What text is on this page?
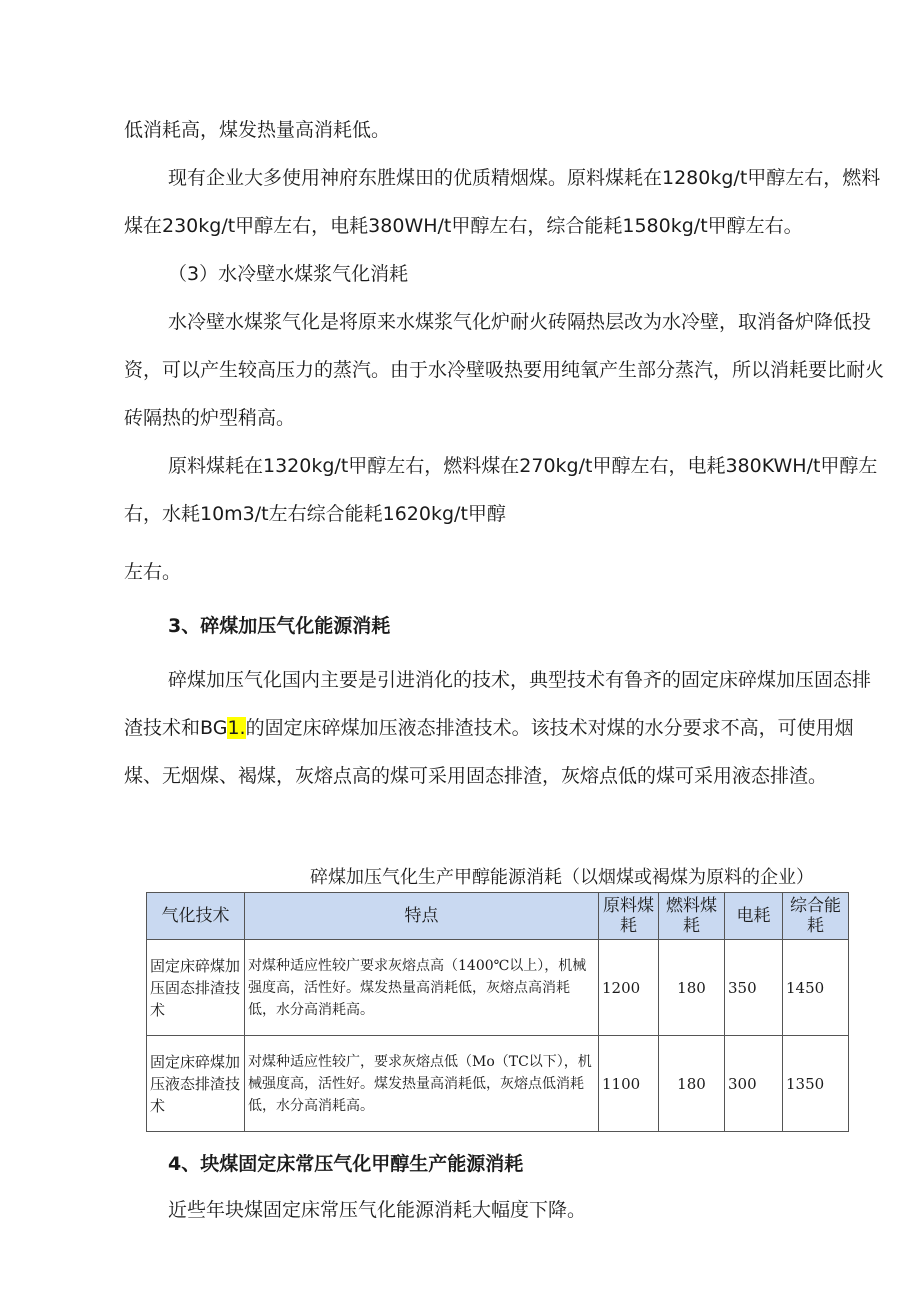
低消耗高，煤发热量高消耗低。

现有企业大多使用神府东胜煤田的优质精烟煤。原料煤耗在1280kg/t甲醇左右，燃料煤在230kg/t甲醇左右，电耗380WH/t甲醇左右，综合能耗1580kg/t甲醇左右。

（3）水冷壁水煤浆气化消耗

水冷壁水煤浆气化是将原来水煤浆气化炉耐火砖隔热层改为水冷壁，取消备炉降低投资，可以产生较高压力的蒸汽。由于水冷壁吸热要用纯氧产生部分蒸汽，所以消耗要比耐火砖隔热的炉型稍高。

原料煤耗在1320kg/t甲醇左右，燃料煤在270kg/t甲醇左右，电耗380KWH/t甲醇左右，水耗10m3/t左右综合能耗1620kg/t甲醇

左右。

3、碎煤加压气化能源消耗

碎煤加压气化国内主要是引进消化的技术，典型技术有鲁齐的固定床碎煤加压固态排渣技术和BG1.的固定床碎煤加压液态排渣技术。该技术对煤的水分要求不高，可使用烟煤、无烟煤、褐煤，灰熔点高的煤可采用固态排渣，灰熔点低的煤可采用液态排渣。

碎煤加压气化生产甲醇能源消耗（以烟煤或褐煤为原料的企业）
气化技术	特点	原料煤耗	燃料煤耗	电耗	综合能耗
固定床碎煤加压固态排渣技术	对煤种适应性较广要求灰熔点高（1400℃以上），机械强度高，活性好。煤发热量高消耗低，灰熔点高消耗低，水分高消耗高。	1200	180	350	1450
固定床碎煤加压液态排渣技术	对煤种适应性较广，要求灰熔点低（Mo（TC以下），机械强度高，活性好。煤发热量高消耗低，灰熔点低消耗低，水分高消耗高。	1100	180	300	1350

4、块煤固定床常压气化甲醇生产能源消耗

近些年块煤固定床常压气化能源消耗大幅度下降。
